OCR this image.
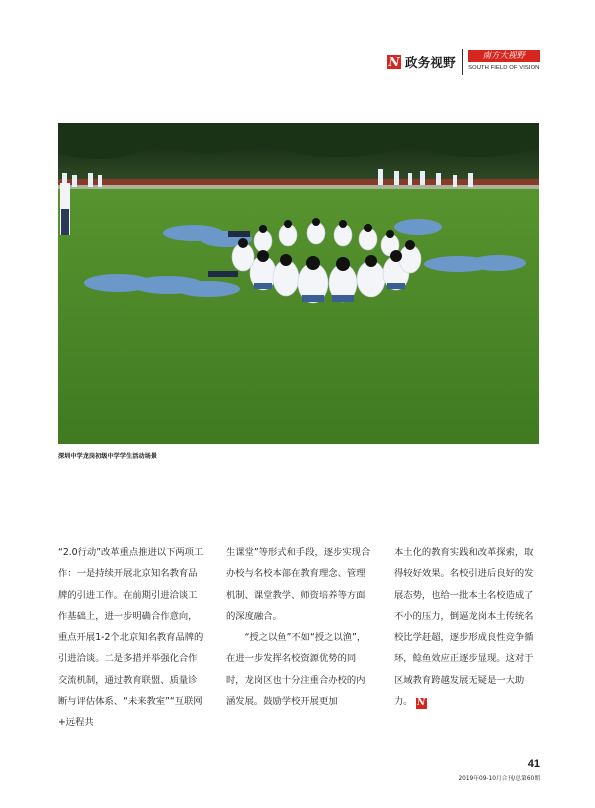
N 政务视野	南方大视野
SOUTH FIELD OF VISION
深圳中学龙岗初级中学学生活动场景

“2.0行动”改革重点推进以下两项工作：一是持续开展北京知名教育品牌的引进工作。在前期引进洽谈工作基础上，进一步明确合作意向，重点开展1-2个北京知名教育品牌的引进洽谈。二是多措并举强化合作交流机制，通过教育联盟、质量诊断与评估体系、“未来教室”“互联网+远程共

生课堂”等形式和手段，逐步实现合办校与名校本部在教育理念、管理机制、课堂教学、师资培养等方面的深度融合。

“授之以鱼”不如“授之以渔”，在进一步发挥名校资源优势的同时，龙岗区也十分注重合办校的内涵发展。鼓励学校开展更加

本土化的教育实践和改革探索，取得较好效果。名校引进后良好的发展态势，也给一批本土名校造成了不小的压力，倒逼龙岗本土传统名校比学赶超，逐步形成良性竞争循环，鲶鱼效应正逐步显现。这对于区域教育跨越发展无疑是一大助力。 N

41
2019年09-10月合刊/总第60期
